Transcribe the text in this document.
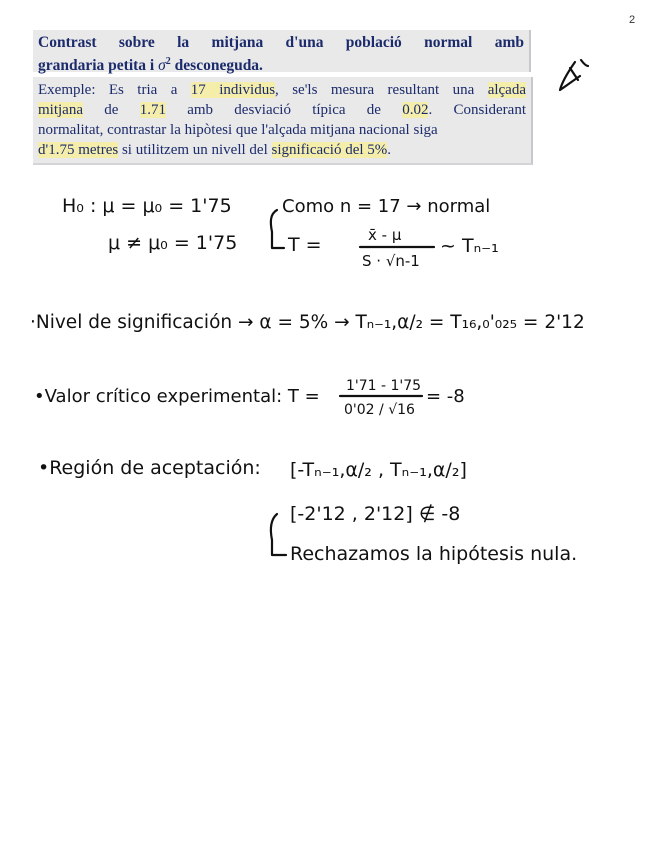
2
Contrast sobre la mitjana d'una població normal amb
grandaria petita i $\sigma^2$ desconeguda.
Exemple: Es tria a 17 individus, se'ls mesura resultant una alçada
mitjana de 1.71 amb desviació típica de 0.02. Considerant
normalitat, contrastar la hipòtesi que l'alçada mitjana nacional siga
d'1.75 metres si utilitzem un nivell del significació del 5%.
H₀ : μ = μ₀ = 1'75
μ ≠ μ₀ = 1'75
Como n = 17 → normal
T =	x̄ - μ
S · √n-1
~ Tₙ₋₁
·Nivel de significación → α = 5% → Tₙ₋₁,α/₂ = T₁₆,₀'₀₂₅ = 2'12
•Valor crítico experimental: T = 1'71 - 1'75
0'02 / √16
= -8
•Región de aceptación: [-Tₙ₋₁,α/₂ , Tₙ₋₁,α/₂]
[-2'12 , 2'12] ∉ -8
Rechazamos la hipótesis nula.
